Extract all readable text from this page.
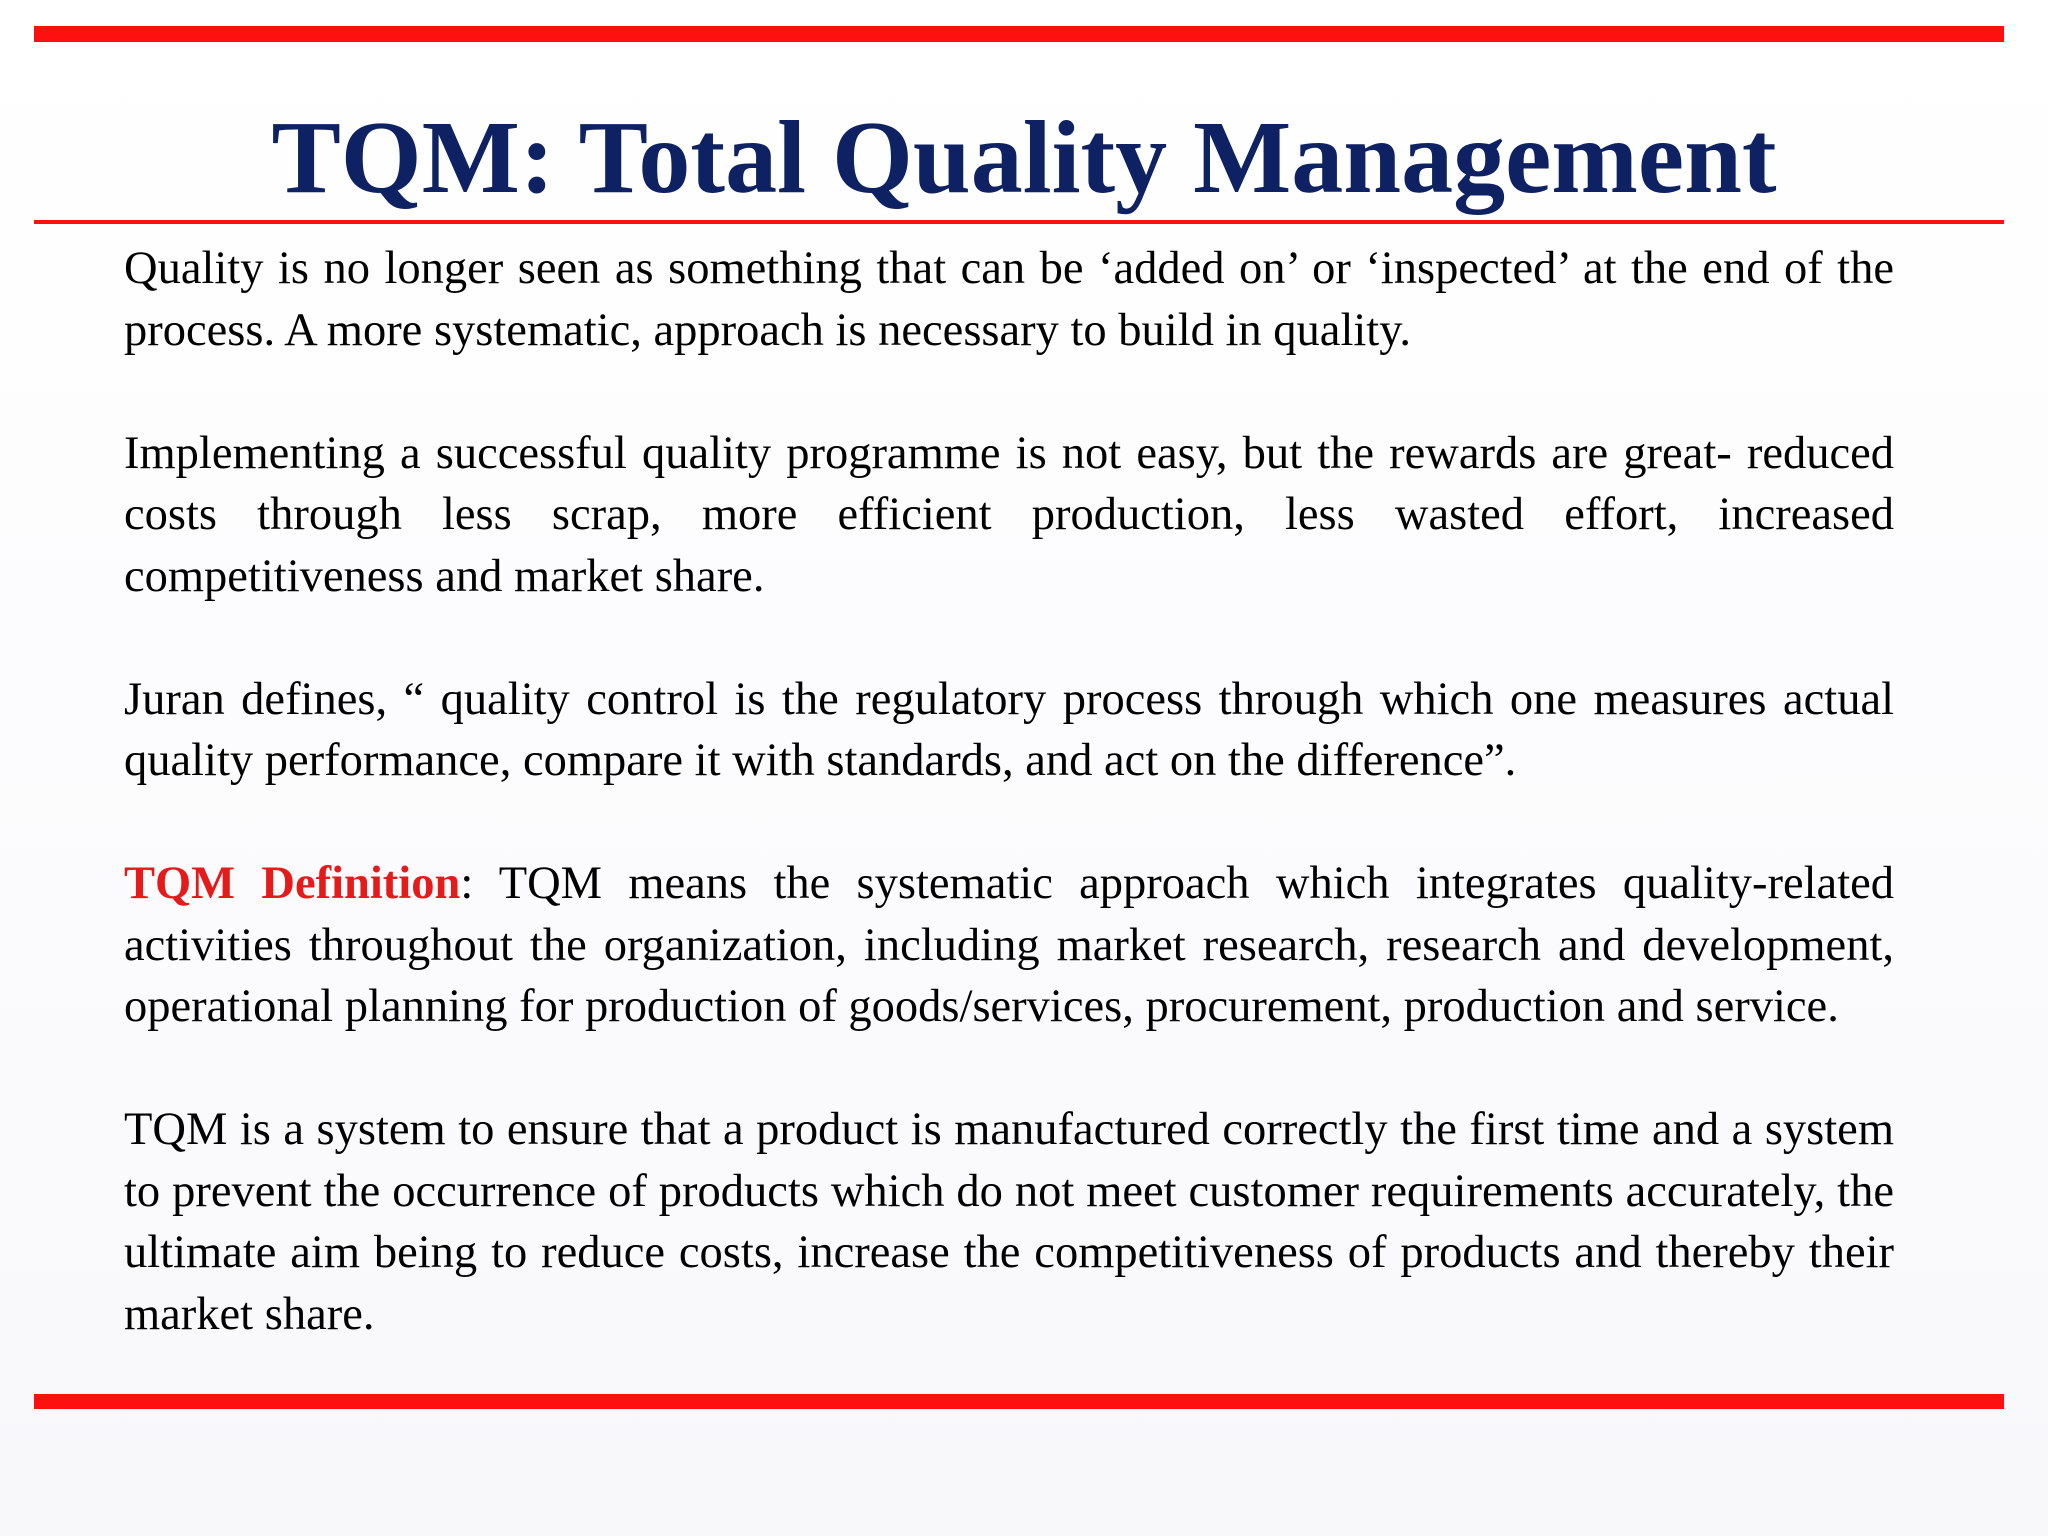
TQM: Total Quality Management

Quality is no longer seen as something that can be ‘added on’ or ‘inspected’ at the end of the process. A more systematic, approach is necessary to build in quality.

Implementing a successful quality programme is not easy, but the rewards are great- reduced costs through less scrap, more efficient production, less wasted effort, increased competitiveness and market share.

Juran defines, “ quality control is the regulatory process through which one measures actual quality performance, compare it with standards, and act on the difference”.

TQM Definition: TQM means the systematic approach which integrates quality-related activities throughout the organization, including market research, research and development, operational planning for production of goods/services, procurement, production and service.

TQM is a system to ensure that a product is manufactured correctly the first time and a system to prevent the occurrence of products which do not meet customer requirements accurately, the ultimate aim being to reduce costs, increase the competitiveness of products and thereby their market share.
